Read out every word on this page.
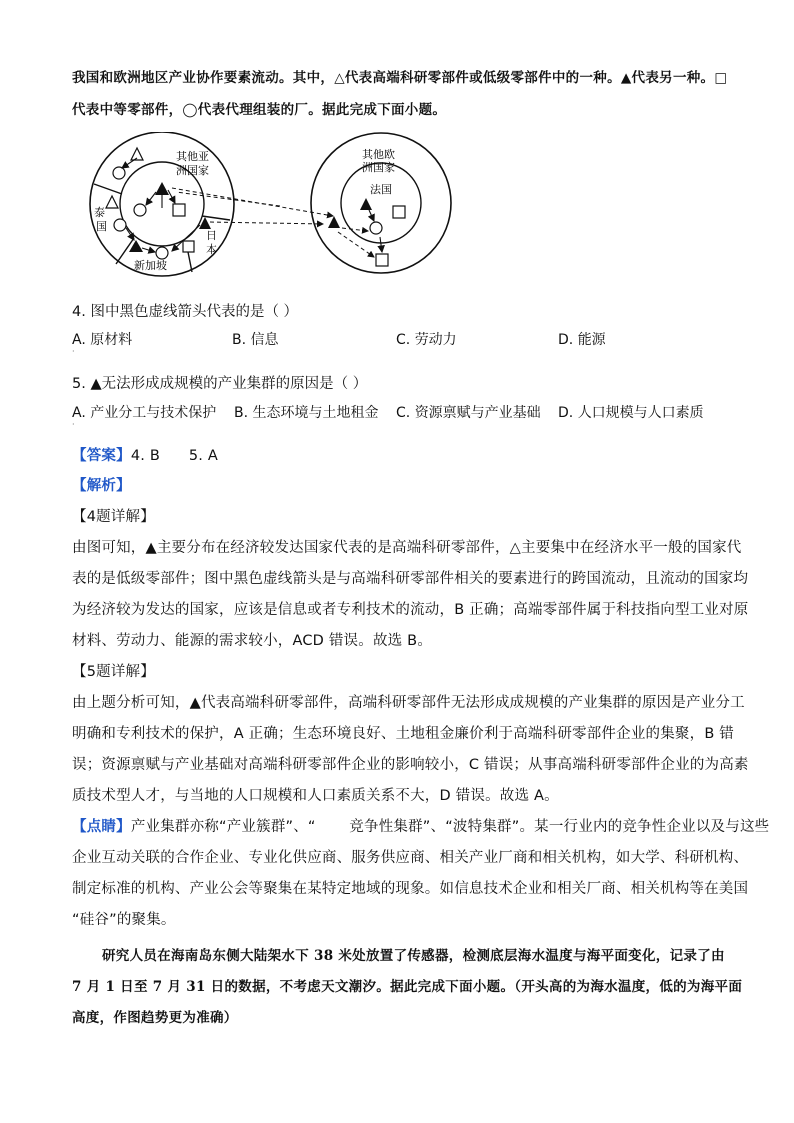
我国和欧洲地区产业协作要素流动。其中，△代表高端科研零部件或低级零部件中的一种。▲代表另一种。□
代表中等零部件，◯代表代理组装的厂。据此完成下面小题。
其他亚
洲国家
泰
国
日
本
新加坡
其他欧
洲国家
法国
4. 图中黑色虚线箭头代表的是（ ）
A. 原材料	B. 信息	C. 劳动力	D. 能源
·
5. ▲无法形成成规模的产业集群的原因是（ ）
A. 产业分工与技术保护 B. 生态环境与土地租金 C. 资源禀赋与产业基础 D. 人口规模与人口素质
·
【答案】4. B      5. A
【解析】
【4题详解】
由图可知，▲主要分布在经济较发达国家代表的是高端科研零部件，△主要集中在经济水平一般的国家代
表的是低级零部件；图中黑色虚线箭头是与高端科研零部件相关的要素进行的跨国流动，且流动的国家均
为经济较为发达的国家，应该是信息或者专利技术的流动，B 正确；高端零部件属于科技指向型工业对原
材料、劳动力、能源的需求较小，ACD 错误。故选 B。
【5题详解】
由上题分析可知，▲代表高端科研零部件，高端科研零部件无法形成成规模的产业集群的原因是产业分工
明确和专利技术的保护，A 正确；生态环境良好、土地租金廉价利于高端科研零部件企业的集聚，B 错
误；资源禀赋与产业基础对高端科研零部件企业的影响较小，C 错误；从事高端科研零部件企业的为高素
质技术型人才，与当地的人口规模和人口素质关系不大，D 错误。故选 A。
【点睛】产业集群亦称“产业簇群”、“       竞争性集群”、“波特集群”。某一行业内的竞争性企业以及与这些
企业互动关联的合作企业、专业化供应商、服务供应商、相关产业厂商和相关机构，如大学、科研机构、
制定标准的机构、产业公会等聚集在某特定地域的现象。如信息技术企业和相关厂商、相关机构等在美国
“硅谷”的聚集。
研究人员在海南岛东侧大陆架水下 38 米处放置了传感器，检测底层海水温度与海平面变化，记录了由
7 月 1 日至 7 月 31 日的数据，不考虑天文潮汐。据此完成下面小题。（开头高的为海水温度，低的为海平面
高度，作图趋势更为准确）
